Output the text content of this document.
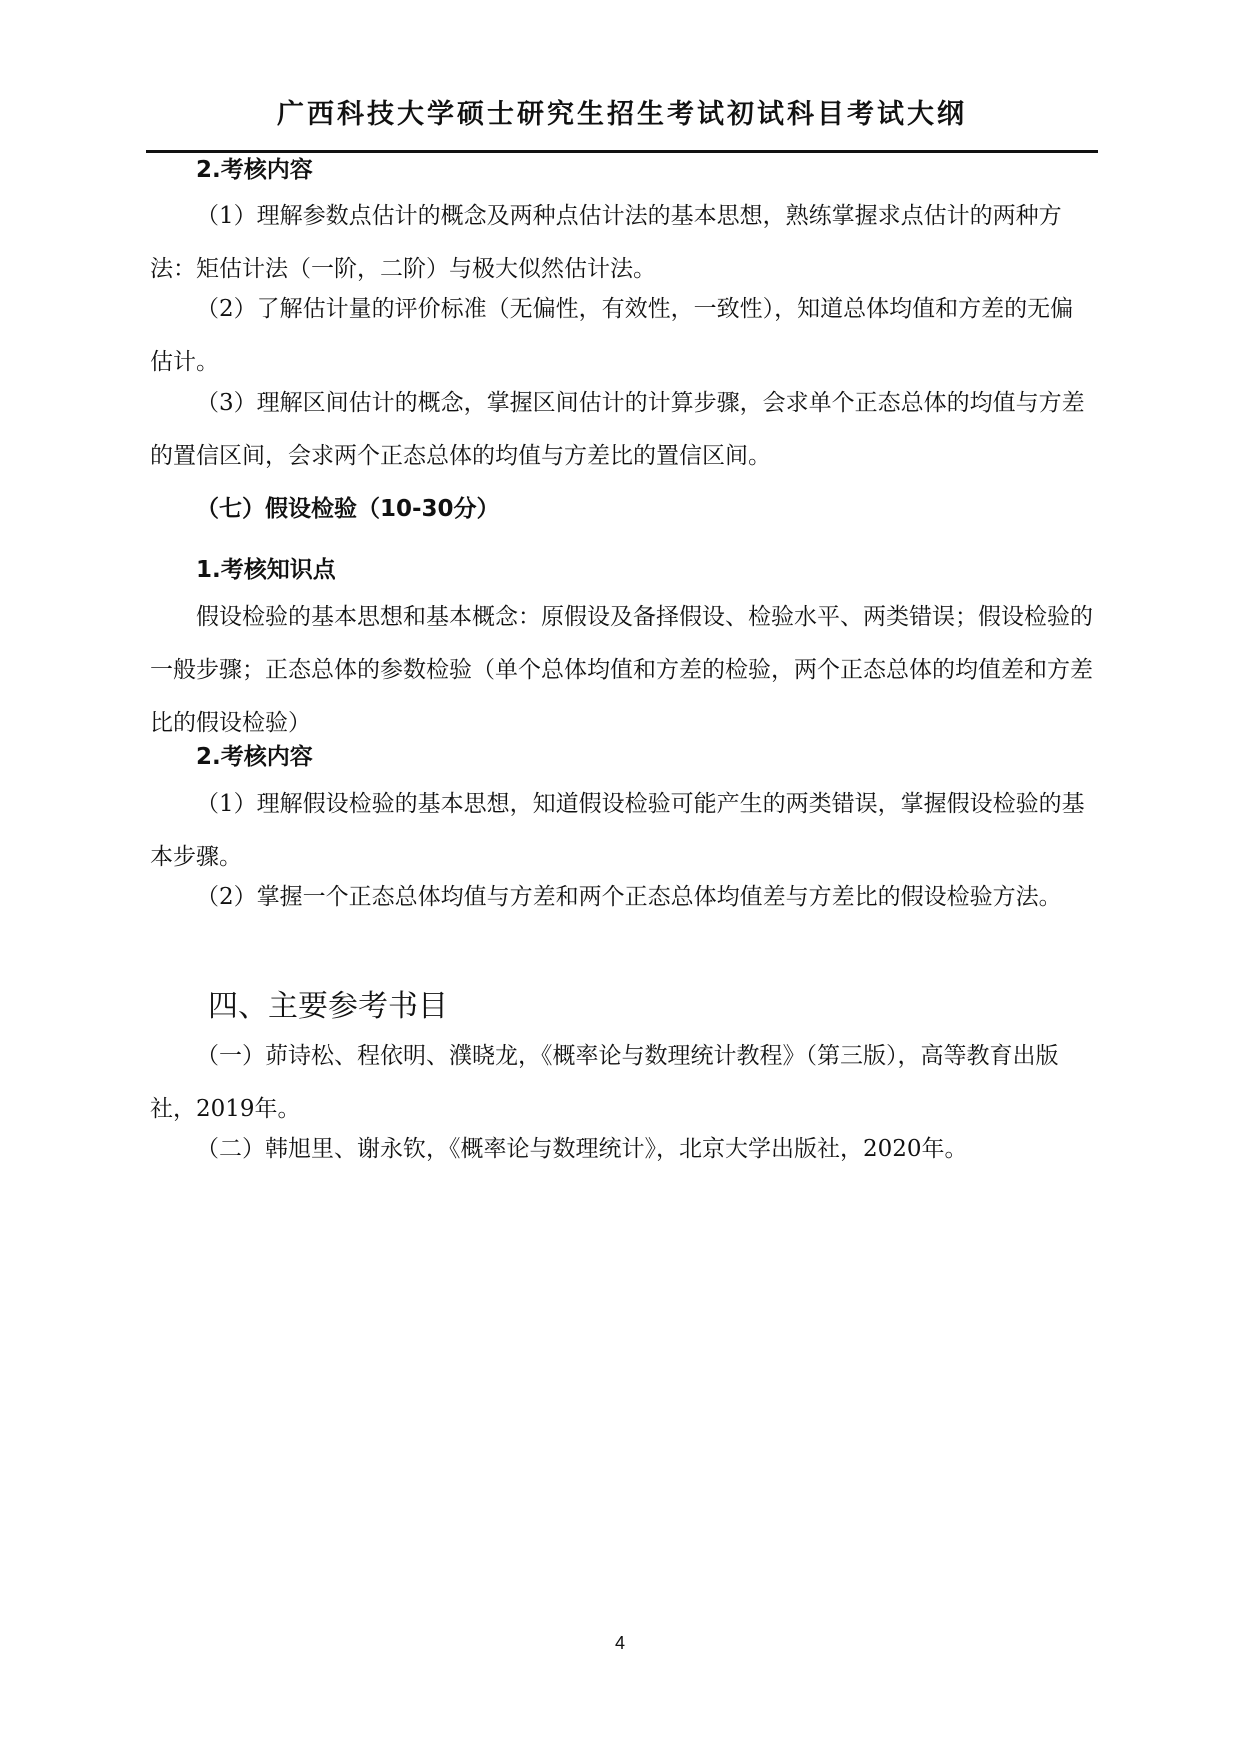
广西科技大学硕士研究生招生考试初试科目考试大纲

2.考核内容

（1）理解参数点估计的概念及两种点估计法的基本思想，熟练掌握求点估计的两种方法：矩估计法（一阶，二阶）与极大似然估计法。

（2）了解估计量的评价标准（无偏性，有效性，一致性），知道总体均值和方差的无偏估计。

（3）理解区间估计的概念，掌握区间估计的计算步骤，会求单个正态总体的均值与方差的置信区间，会求两个正态总体的均值与方差比的置信区间。

（七）假设检验（10-30分）

1.考核知识点

假设检验的基本思想和基本概念：原假设及备择假设、检验水平、两类错误；假设检验的一般步骤；正态总体的参数检验（单个总体均值和方差的检验，两个正态总体的均值差和方差比的假设检验）

2.考核内容

（1）理解假设检验的基本思想，知道假设检验可能产生的两类错误，掌握假设检验的基本步骤。

（2）掌握一个正态总体均值与方差和两个正态总体均值差与方差比的假设检验方法。

四、主要参考书目

（一）茆诗松、程依明、濮晓龙，《概率论与数理统计教程》（第三版），高等教育出版社，2019年。

（二）韩旭里、谢永钦，《概率论与数理统计》，北京大学出版社，2020年。

4
